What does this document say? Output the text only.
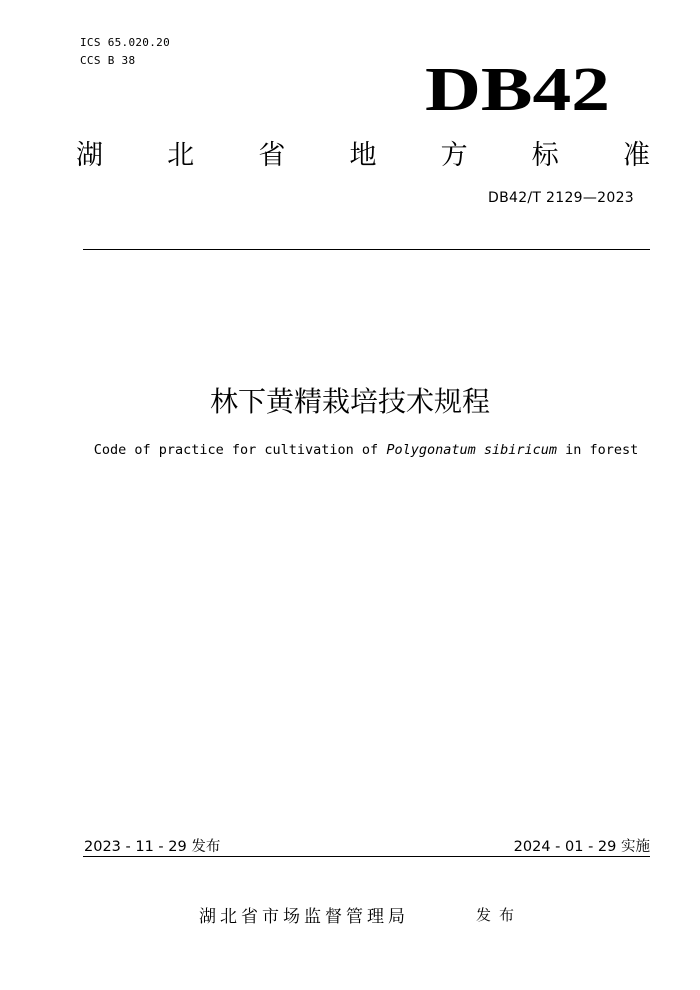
ICS 65.020.20
CCS B 38	DB42
湖 北 省 地 方 标 准
DB42/T 2129—2023
林下黄精栽培技术规程
Code of practice for cultivation of Polygonatum sibiricum in forest
2023 - 11 - 29 发布	2024 - 01 - 29 实施
湖北省市场监督管理局	发布
